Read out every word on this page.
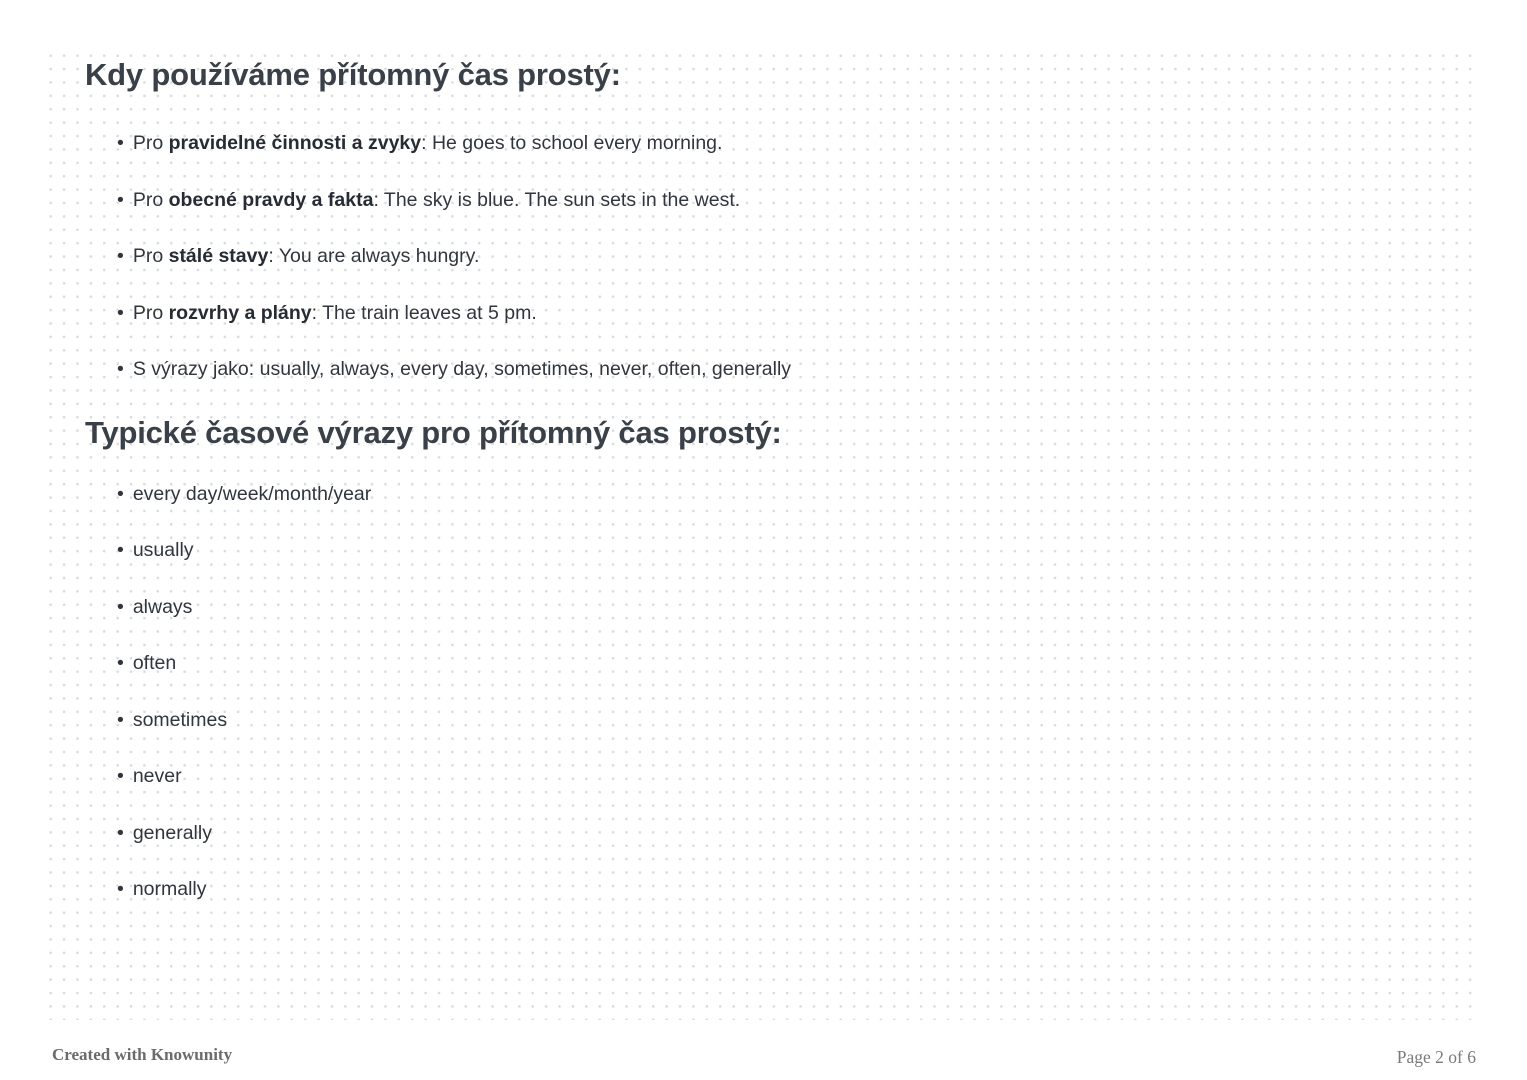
Kdy používáme přítomný čas prostý:
• Pro pravidelné činnosti a zvyky: He goes to school every morning.
• Pro obecné pravdy a fakta: The sky is blue. The sun sets in the west.
• Pro stálé stavy: You are always hungry.
• Pro rozvrhy a plány: The train leaves at 5 pm.
• S výrazy jako: usually, always, every day, sometimes, never, often, generally
Typické časové výrazy pro přítomný čas prostý:
• every day/week/month/year
• usually
• always
• often
• sometimes
• never
• generally
• normally
Created with Knowunity	Page 2 of 6
